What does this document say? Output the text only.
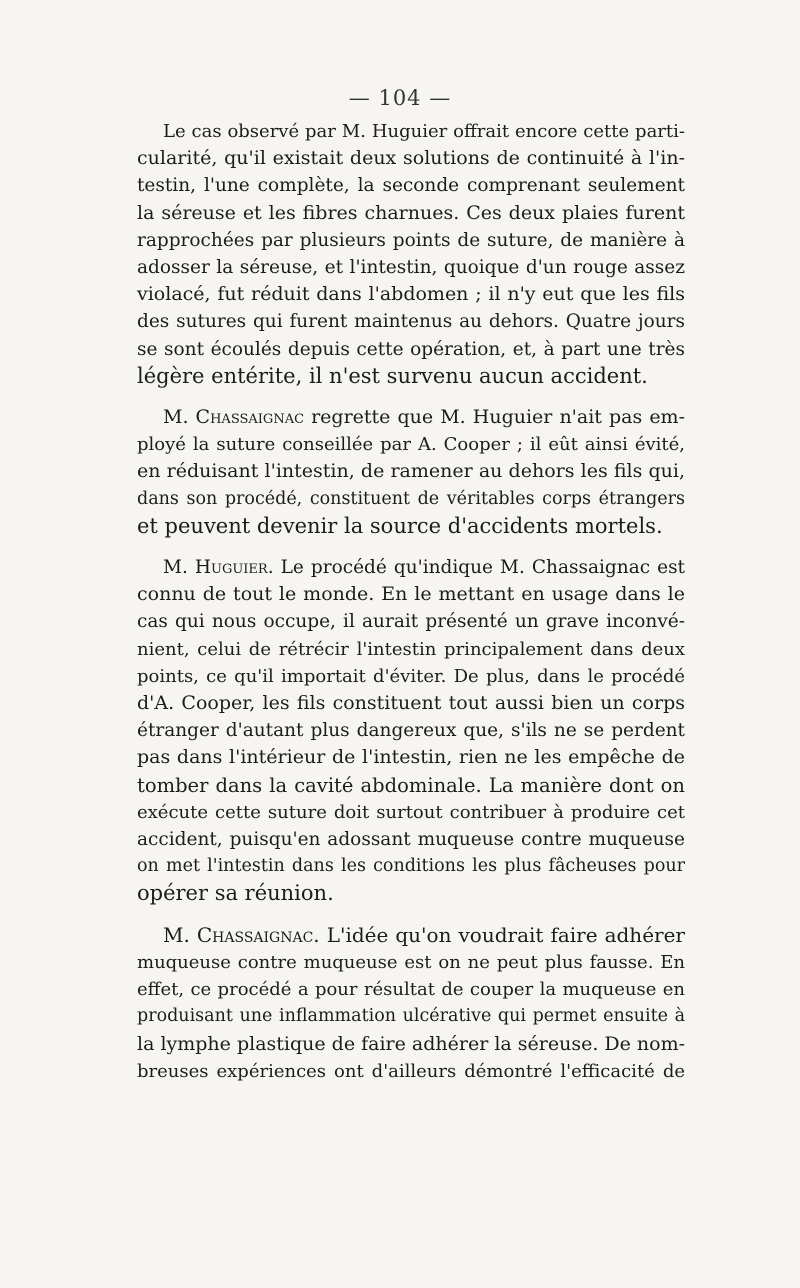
— 104 —
Le cas observé par M. Huguier offrait encore cette parti-
cularité, qu'il existait deux solutions de continuité à l'in-
testin, l'une complète, la seconde comprenant seulement
la séreuse et les fibres charnues. Ces deux plaies furent
rapprochées par plusieurs points de suture, de manière à
adosser la séreuse, et l'intestin, quoique d'un rouge assez
violacé, fut réduit dans l'abdomen ; il n'y eut que les fils
des sutures qui furent maintenus au dehors. Quatre jours
se sont écoulés depuis cette opération, et, à part une très
légère entérite, il n'est survenu aucun accident.
M. Chassaignac regrette que M. Huguier n'ait pas em-
ployé la suture conseillée par A. Cooper ; il eût ainsi évité,
en réduisant l'intestin, de ramener au dehors les fils qui,
dans son procédé, constituent de véritables corps étrangers
et peuvent devenir la source d'accidents mortels.
M. Huguier. Le procédé qu'indique M. Chassaignac est
connu de tout le monde. En le mettant en usage dans le
cas qui nous occupe, il aurait présenté un grave inconvé-
nient, celui de rétrécir l'intestin principalement dans deux
points, ce qu'il importait d'éviter. De plus, dans le procédé
d'A. Cooper, les fils constituent tout aussi bien un corps
étranger d'autant plus dangereux que, s'ils ne se perdent
pas dans l'intérieur de l'intestin, rien ne les empêche de
tomber dans la cavité abdominale. La manière dont on
exécute cette suture doit surtout contribuer à produire cet
accident, puisqu'en adossant muqueuse contre muqueuse
on met l'intestin dans les conditions les plus fâcheuses pour
opérer sa réunion.
M. Chassaignac. L'idée qu'on voudrait faire adhérer
muqueuse contre muqueuse est on ne peut plus fausse. En
effet, ce procédé a pour résultat de couper la muqueuse en
produisant une inflammation ulcérative qui permet ensuite à
la lymphe plastique de faire adhérer la séreuse. De nom-
breuses expériences ont d'ailleurs démontré l'efficacité de
